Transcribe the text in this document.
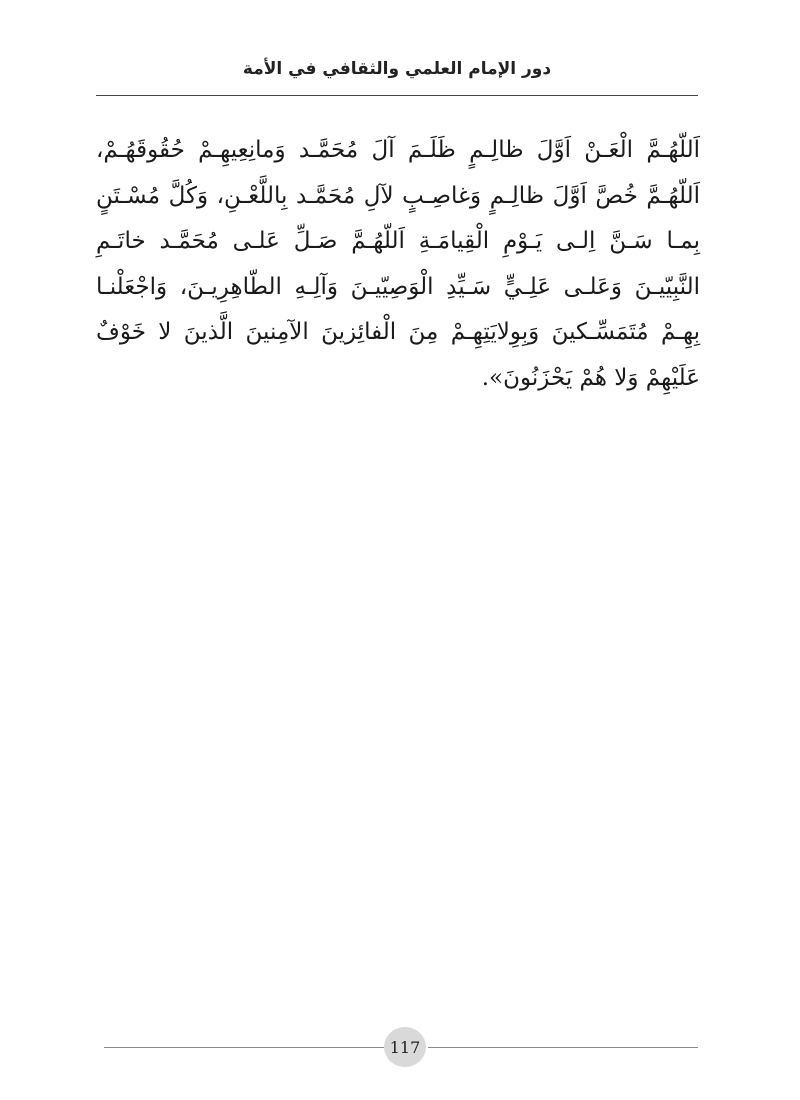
دور الإمام العلمي والثقافي في الأمة
اَللّهُـمَّ الْعَـنْ اَوَّلَ ظالِـمٍ ظَلَـمَ آلَ مُحَمَّـد وَمانِعِيهِـمْ حُقُوقَهُـمْ، اَللّهُـمَّ خُصَّ اَوَّلَ ظالِـمٍ وَغاصِـبٍ لآلِ مُحَمَّـد بِاللَّعْـنِ، وَكُلَّ مُسْـتَنٍ بِمـا سَـنَّ اِلـى يَـوْمِ الْقِيامَـةِ اَللّهُـمَّ صَـلِّ عَلـى مُحَمَّـد خاتَـمِ النَّبِيّيـنَ وَعَلـى عَلِـيٍّ سَـيِّدِ الْوَصِيّيـنَ وَآلِـهِ الطّاهِرِيـنَ، وَاجْعَلْنـا بِهِـمْ مُتَمَسِّـكينَ وَبِوِلايَتِهِـمْ مِنَ الْفائِزينَ الآمِنينَ الَّذينَ لا خَوْفٌ عَلَيْهِمْ وَلا هُمْ يَحْزَنُونَ».
117
